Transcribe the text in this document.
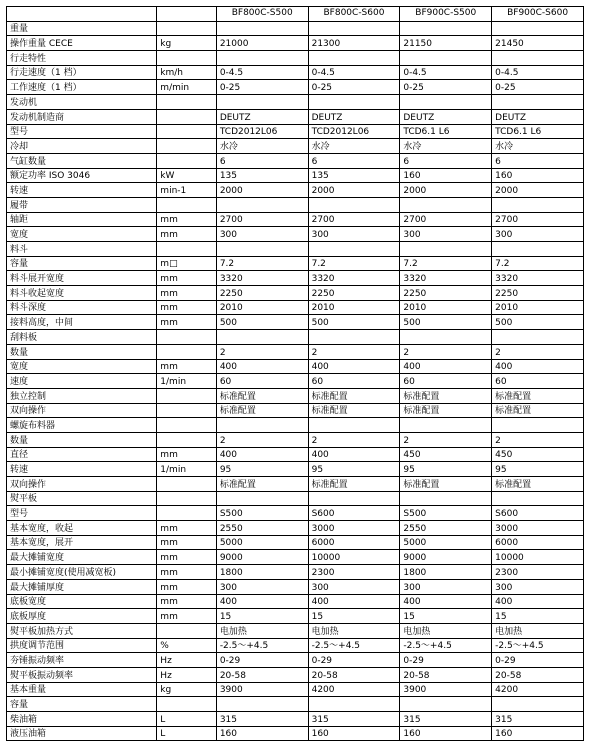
		BF800C-S500	BF800C-S600	BF900C-S500	BF900C-S600
重量					
操作重量 CECE	kg	21000	21300	21150	21450
行走特性					
行走速度（1 档）	km/h	0-4.5	0-4.5	0-4.5	0-4.5
工作速度（1 档）	m/min	0-25	0-25	0-25	0-25
发动机					
发动机制造商		DEUTZ	DEUTZ	DEUTZ	DEUTZ
型号		TCD2012L06	TCD2012L06	TCD6.1 L6	TCD6.1 L6
冷却		水冷	水冷	水冷	水冷
气缸数量		6	6	6	6
额定功率 ISO 3046	kW	135	135	160	160
转速	min-1	2000	2000	2000	2000
履带					
轴距	mm	2700	2700	2700	2700
宽度	mm	300	300	300	300
料斗					
容量	m□	7.2	7.2	7.2	7.2
料斗展开宽度	mm	3320	3320	3320	3320
料斗收起宽度	mm	2250	2250	2250	2250
料斗深度	mm	2010	2010	2010	2010
接料高度，中间	mm	500	500	500	500
刮料板					
数量		2	2	2	2
宽度	mm	400	400	400	400
速度	1/min	60	60	60	60
独立控制		标准配置	标准配置	标准配置	标准配置
双向操作		标准配置	标准配置	标准配置	标准配置
螺旋布料器					
数量		2	2	2	2
直径	mm	400	400	450	450
转速	1/min	95	95	95	95
双向操作		标准配置	标准配置	标准配置	标准配置
熨平板					
型号		S500	S600	S500	S600
基本宽度，收起	mm	2550	3000	2550	3000
基本宽度，展开	mm	5000	6000	5000	6000
最大摊铺宽度	mm	9000	10000	9000	10000
最小摊铺宽度(使用减宽板)	mm	1800	2300	1800	2300
最大摊铺厚度	mm	300	300	300	300
底板宽度	mm	400	400	400	400
底板厚度	mm	15	15	15	15
熨平板加热方式		电加热	电加热	电加热	电加热
拱度调节范围	%	-2.5～+4.5	-2.5～+4.5	-2.5～+4.5	-2.5～+4.5
夯锤振动频率	Hz	0-29	0-29	0-29	0-29
熨平板振动频率	Hz	20-58	20-58	20-58	20-58
基本重量	kg	3900	4200	3900	4200
容量					
柴油箱	L	315	315	315	315
液压油箱	L	160	160	160	160
